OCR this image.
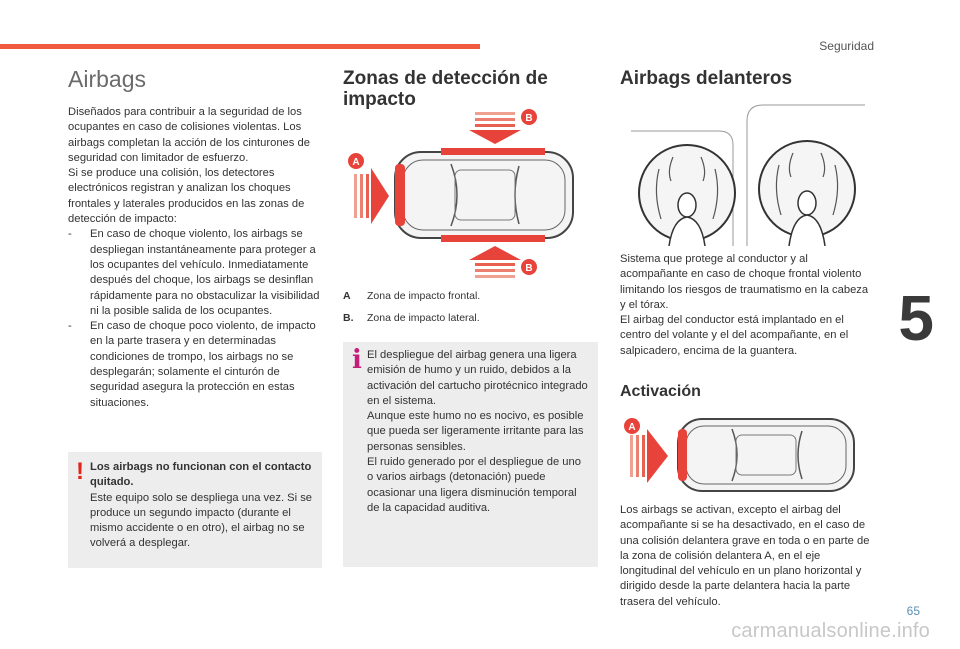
Seguridad
Airbags

Diseñados para contribuir a la seguridad de los ocupantes en caso de colisiones violentas. Los airbags completan la acción de los cinturones de seguridad con limitador de esfuerzo.

Si se produce una colisión, los detectores electrónicos registran y analizan los choques frontales y laterales producidos en las zonas de detección de impacto:

-	En caso de choque violento, los airbags se despliegan instantáneamente para proteger a los ocupantes del vehículo. Inmediatamente después del choque, los airbags se desinflan rápidamente para no obstaculizar la visibilidad ni la posible salida de los ocupantes.
-	En caso de choque poco violento, de impacto en la parte trasera y en determinadas condiciones de trompo, los airbags no se desplegarán; solamente el cinturón de seguridad asegura la protección en estas situaciones.
! Los airbags no funcionan con el contacto quitado.

Este equipo solo se despliega una vez. Si se produce un segundo impacto (durante el mismo accidente o en otro), el airbag no se volverá a desplegar.

Zonas de detección de impacto
A
B
B
A	Zona de impacto frontal.
B.	Zona de impacto lateral.
i El despliegue del airbag genera una ligera emisión de humo y un ruido, debidos a la activación del cartucho pirotécnico integrado en el sistema.
Aunque este humo no es nocivo, es posible que pueda ser ligeramente irritante para las personas sensibles.
El ruido generado por el despliegue de uno o varios airbags (detonación) puede ocasionar una ligera disminución temporal de la capacidad auditiva.
Airbags delanteros

Sistema que protege al conductor y al acompañante en caso de choque frontal violento limitando los riesgos de traumatismo en la cabeza y el tórax.

El airbag del conductor está implantado en el centro del volante y el del acompañante, en el salpicadero, encima de la guantera.

Activación
A
Los airbags se activan, excepto el airbag del acompañante si se ha desactivado, en el caso de una colisión delantera grave en toda o en parte de la zona de colisión delantera A, en el eje longitudinal del vehículo en un plano horizontal y dirigido desde la parte delantera hacia la parte trasera del vehículo.
5
65
carmanualsonline.info
